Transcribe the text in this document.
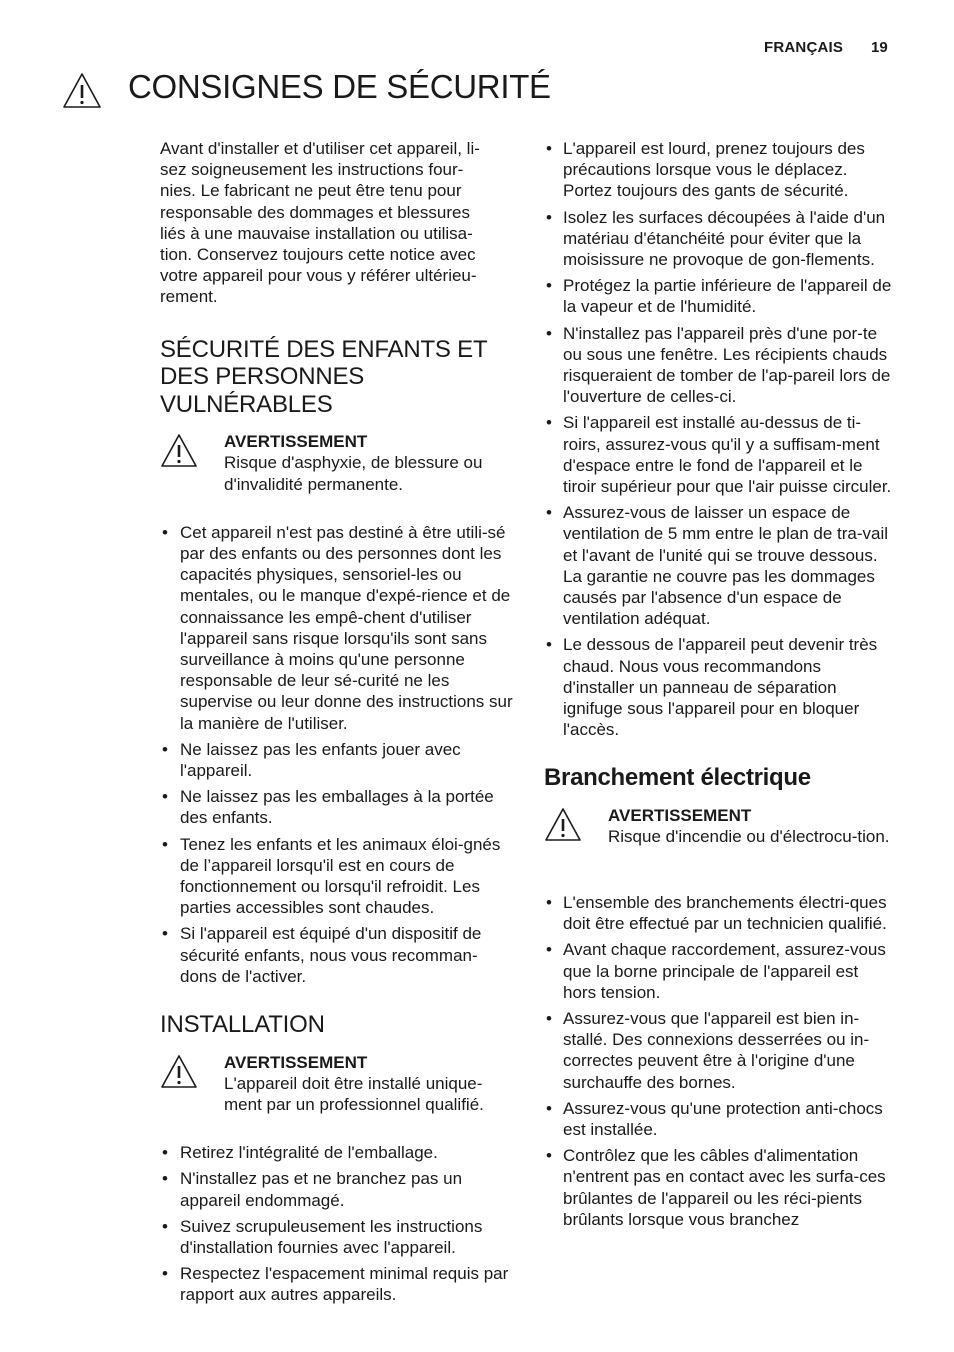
FRANÇAIS 19
CONSIGNES DE SÉCURITÉ

Avant d'installer et d'utiliser cet appareil, li-
sez soigneusement les instructions four-
nies. Le fabricant ne peut être tenu pour
responsable des dommages et blessures
liés à une mauvaise installation ou utilisa-
tion. Conservez toujours cette notice avec
votre appareil pour vous y référer ultérieu-
rement.

SÉCURITÉ DES ENFANTS ET
DES PERSONNES
VULNÉRABLES
AVERTISSEMENT
Risque d'asphyxie, de blessure ou d'invalidité permanente.
• Cet appareil n'est pas destiné à être utili-sé par des enfants ou des personnes dont les capacités physiques, sensoriel-les ou mentales, ou le manque d'expé-rience et de connaissance les empê-chent d'utiliser l'appareil sans risque lorsqu'ils sont sans surveillance à moins qu'une personne responsable de leur sé-curité ne les supervise ou leur donne des instructions sur la manière de l'utiliser.
• Ne laissez pas les enfants jouer avec l'appareil.
• Ne laissez pas les emballages à la portée des enfants.
• Tenez les enfants et les animaux éloi-gnés de l’appareil lorsqu'il est en cours de fonctionnement ou lorsqu'il refroidit. Les parties accessibles sont chaudes.
• Si l'appareil est équipé d'un dispositif de sécurité enfants, nous vous recomman-dons de l'activer.
INSTALLATION
AVERTISSEMENT
L'appareil doit être installé unique-ment par un professionnel qualifié.
• Retirez l'intégralité de l'emballage.
• N'installez pas et ne branchez pas un appareil endommagé.
• Suivez scrupuleusement les instructions d'installation fournies avec l'appareil.
• Respectez l'espacement minimal requis par rapport aux autres appareils.
• L'appareil est lourd, prenez toujours des précautions lorsque vous le déplacez. Portez toujours des gants de sécurité.
• Isolez les surfaces découpées à l'aide d'un matériau d'étanchéité pour éviter que la moisissure ne provoque de gon-flements.
• Protégez la partie inférieure de l'appareil de la vapeur et de l'humidité.
• N'installez pas l'appareil près d'une por-te ou sous une fenêtre. Les récipients chauds risqueraient de tomber de l'ap-pareil lors de l'ouverture de celles-ci.
• Si l'appareil est installé au-dessus de ti-roirs, assurez-vous qu'il y a suffisam-ment d'espace entre le fond de l'appareil et le tiroir supérieur pour que l'air puisse circuler.
• Assurez-vous de laisser un espace de ventilation de 5 mm entre le plan de tra-vail et l'avant de l'unité qui se trouve dessous. La garantie ne couvre pas les dommages causés par l'absence d'un espace de ventilation adéquat.
• Le dessous de l'appareil peut devenir très chaud. Nous vous recommandons d'installer un panneau de séparation ignifuge sous l'appareil pour en bloquer l'accès.
Branchement électrique
AVERTISSEMENT
Risque d'incendie ou d'électrocu-tion.
• L'ensemble des branchements électri-ques doit être effectué par un technicien qualifié.
• Avant chaque raccordement, assurez-vous que la borne principale de l'appareil est hors tension.
• Assurez-vous que l'appareil est bien in-stallé. Des connexions desserrées ou in-correctes peuvent être à l'origine d'une surchauffe des bornes.
• Assurez-vous qu'une protection anti-chocs est installée.
• Contrôlez que les câbles d'alimentation n'entrent pas en contact avec les surfa-ces brûlantes de l'appareil ou les réci-pients brûlants lorsque vous branchez
